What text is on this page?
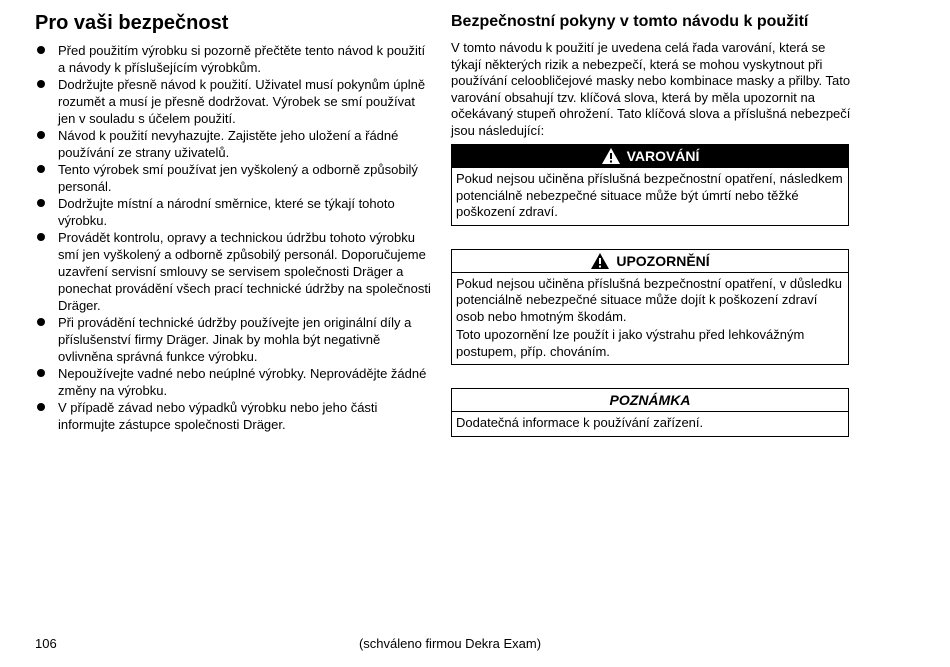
Pro vaši bezpečnost
Před použitím výrobku si pozorně přečtěte tento návod k použití a návody k příslušejícím výrobkům.
Dodržujte přesně návod k použití. Uživatel musí pokynům úplně rozumět a musí je přesně dodržovat. Výrobek se smí používat jen v souladu s účelem použití.
Návod k použití nevyhazujte. Zajistěte jeho uložení a řádné používání ze strany uživatelů.
Tento výrobek smí používat jen vyškolený a odborně způsobilý personál.
Dodržujte místní a národní směrnice, které se týkají tohoto výrobku.
Provádět kontrolu, opravy a technickou údržbu tohoto výrobku smí jen vyškolený a odborně způsobilý personál. Doporučujeme uzavření servisní smlouvy se servisem společnosti Dräger a ponechat provádění všech prací technické údržby na společnosti Dräger.
Při provádění technické údržby používejte jen originální díly a příslušenství firmy Dräger. Jinak by mohla být negativně ovlivněna správná funkce výrobku.
Nepoužívejte vadné nebo neúplné výrobky. Neprovádějte žádné změny na výrobku.
V případě závad nebo výpadků výrobku nebo jeho části informujte zástupce společnosti Dräger.
Bezpečnostní pokyny v tomto návodu k použití

V tomto návodu k použití je uvedena celá řada varování, která se týkají některých rizik a nebezpečí, která se mohou vyskytnout při používání celoobličejové masky nebo kombinace masky a přilby. Tato varování obsahují tzv. klíčová slova, která by měla upozornit na očekávaný stupeň ohrožení. Tato klíčová slova a příslušná nebezpečí jsou následující:

VAROVÁNÍ

Pokud nejsou učiněna příslušná bezpečnostní opatření, následkem potenciálně nebezpečné situace může být úmrtí nebo těžké poškození zdraví.

UPOZORNĚNÍ

Pokud nejsou učiněna příslušná bezpečnostní opatření, v důsledku potenciálně nebezpečné situace může dojít k poškození zdraví osob nebo hmotným škodám.

Toto upozornění lze použít i jako výstrahu před lehkovážným postupem, příp. chováním.

POZNÁMKA

Dodatečná informace k používání zařízení.

106	(schváleno firmou Dekra Exam)
